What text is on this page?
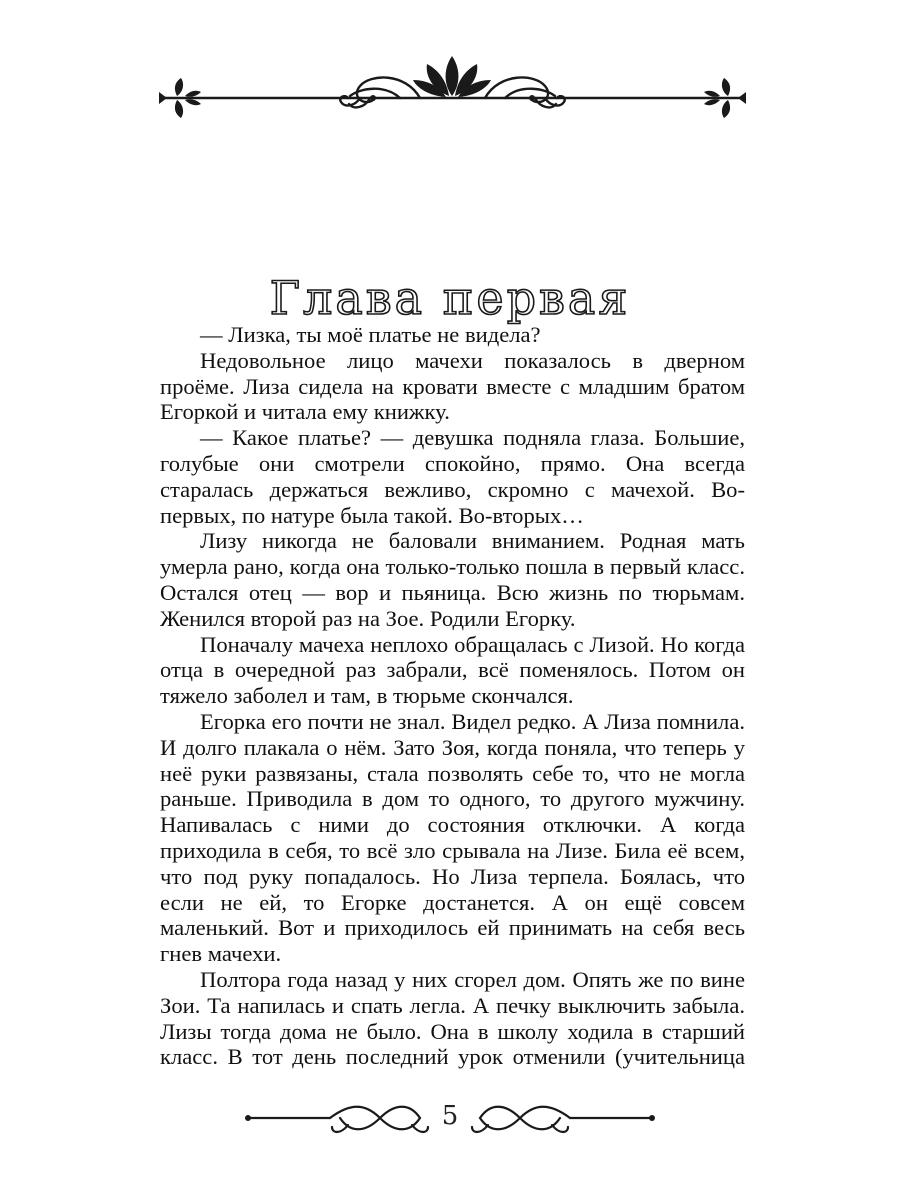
Глава первая

— Лизка, ты моё платье не видела?

Недовольное лицо мачехи показалось в дверном проёме. Лиза сидела на кровати вместе с младшим братом Егоркой и читала ему книжку.

— Какое платье? — девушка подняла глаза. Большие, голубые они смотрели спокойно, прямо. Она всегда старалась держаться вежливо, скромно с мачехой. Во-первых, по натуре была такой. Во-вторых…

Лизу никогда не баловали вниманием. Родная мать умерла рано, когда она только-только пошла в первый класс. Остался отец — вор и пьяница. Всю жизнь по тюрьмам. Женился второй раз на Зое. Родили Егорку.

Поначалу мачеха неплохо обращалась с Лизой. Но когда отца в очередной раз забрали, всё поменялось. Потом он тяжело заболел и там, в тюрьме скончался.

Егорка его почти не знал. Видел редко. А Лиза помнила. И долго плакала о нём. Зато Зоя, когда поняла, что теперь у неё руки развязаны, стала позволять себе то, что не могла раньше. Приводила в дом то одного, то другого мужчину. Напивалась с ними до состояния отключки. А когда приходила в себя, то всё зло срывала на Лизе. Била её всем, что под руку попадалось. Но Лиза терпела. Боялась, что если не ей, то Егорке достанется. А он ещё совсем маленький. Вот и приходилось ей принимать на себя весь гнев мачехи.

Полтора года назад у них сгорел дом. Опять же по вине Зои. Та напилась и спать легла. А печку выключить забыла. Лизы тогда дома не было. Она в школу ходила в старший класс. В тот день последний урок отменили (учительница

5
